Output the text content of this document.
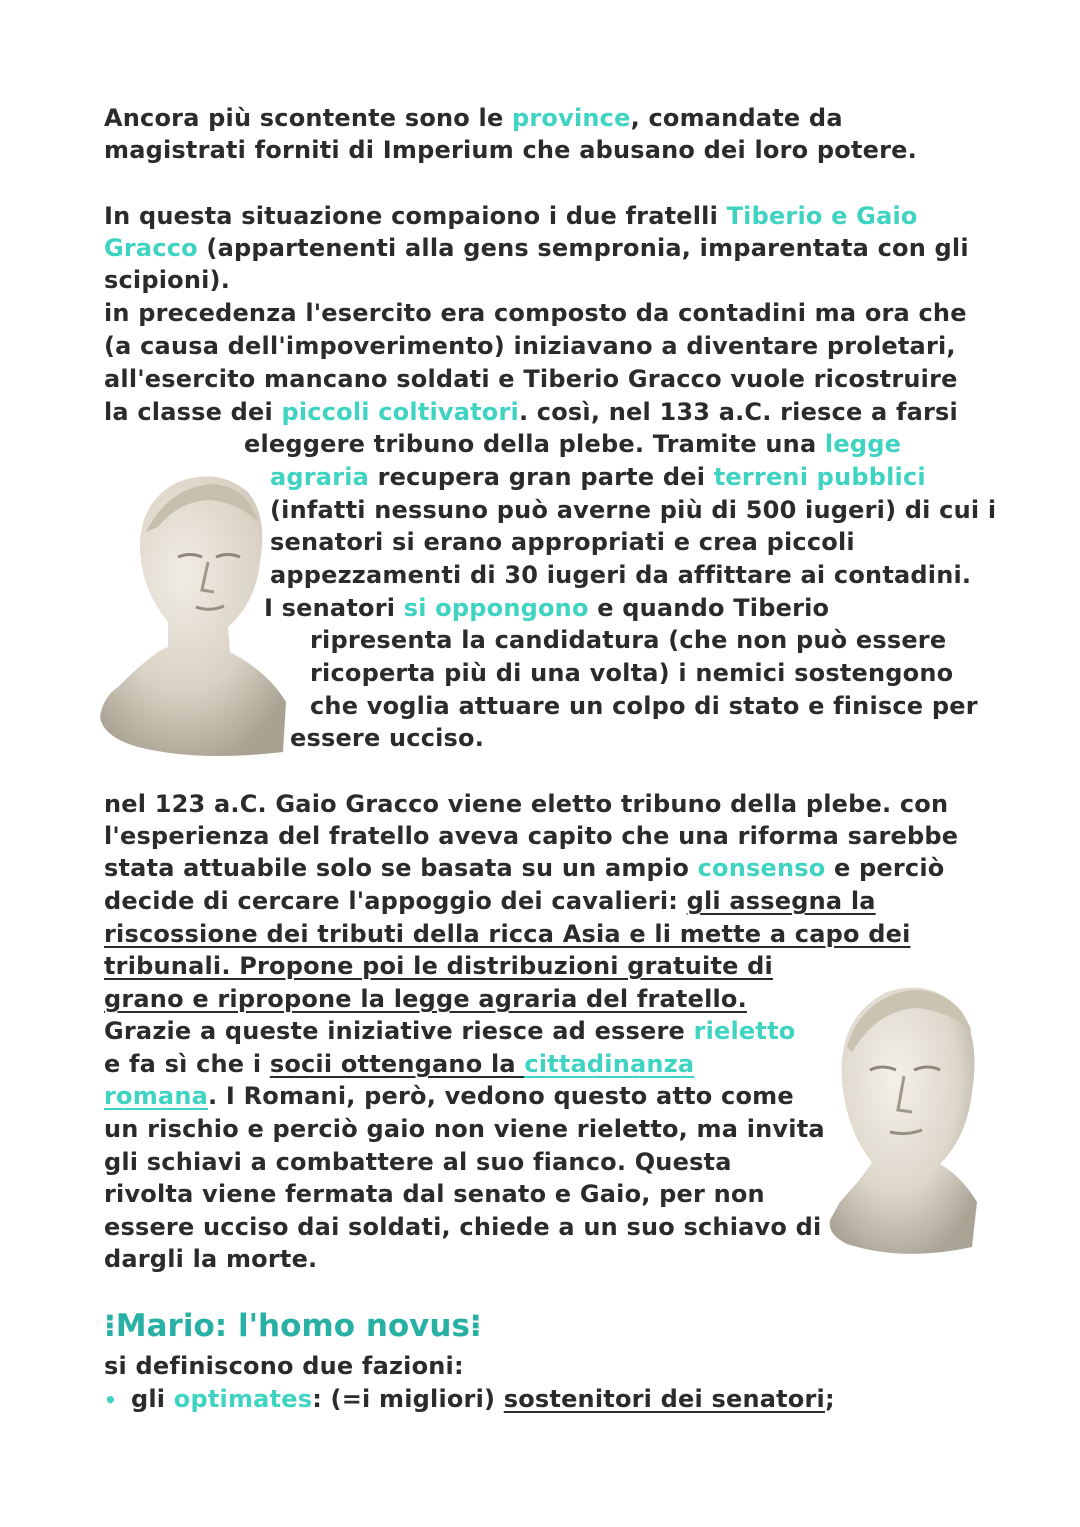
Ancora più scontente sono le province, comandate da
magistrati forniti di Imperium che abusano dei loro potere.
In questa situazione compaiono i due fratelli Tiberio e Gaio
Gracco (appartenenti alla gens sempronia, imparentata con gli
scipioni).
in precedenza l'esercito era composto da contadini ma ora che
(a causa dell'impoverimento) iniziavano a diventare proletari,
all'esercito mancano soldati e Tiberio Gracco vuole ricostruire
la classe dei piccoli coltivatori. così, nel 133 a.C. riesce a farsi
eleggere tribuno della plebe. Tramite una legge
agraria recupera gran parte dei terreni pubblici
(infatti nessuno può averne più di 500 iugeri) di cui i
senatori si erano appropriati e crea piccoli
appezzamenti di 30 iugeri da affittare ai contadini.
I senatori si oppongono e quando Tiberio
ripresenta la candidatura (che non può essere
ricoperta più di una volta) i nemici sostengono
che voglia attuare un colpo di stato e finisce per
essere ucciso.
nel 123 a.C. Gaio Gracco viene eletto tribuno della plebe. con
l'esperienza del fratello aveva capito che una riforma sarebbe
stata attuabile solo se basata su un ampio consenso e perciò
decide di cercare l'appoggio dei cavalieri: gli assegna la
riscossione dei tributi della ricca Asia e li mette a capo dei
tribunali. Propone poi le distribuzioni gratuite di
grano e ripropone la legge agraria del fratello.
Grazie a queste iniziative riesce ad essere rieletto
e fa sì che i socii ottengano la cittadinanza
romana. I Romani, però, vedono questo atto come
un rischio e perciò gaio non viene rieletto, ma invita
gli schiavi a combattere al suo fianco. Questa
rivolta viene fermata dal senato e Gaio, per non
essere ucciso dai soldati, chiede a un suo schiavo di
dargli la morte.
⁝Mario: l'homo novus⁝
si definiscono due fazioni:
• gli optimates: (=i migliori) sostenitori dei senatori;
